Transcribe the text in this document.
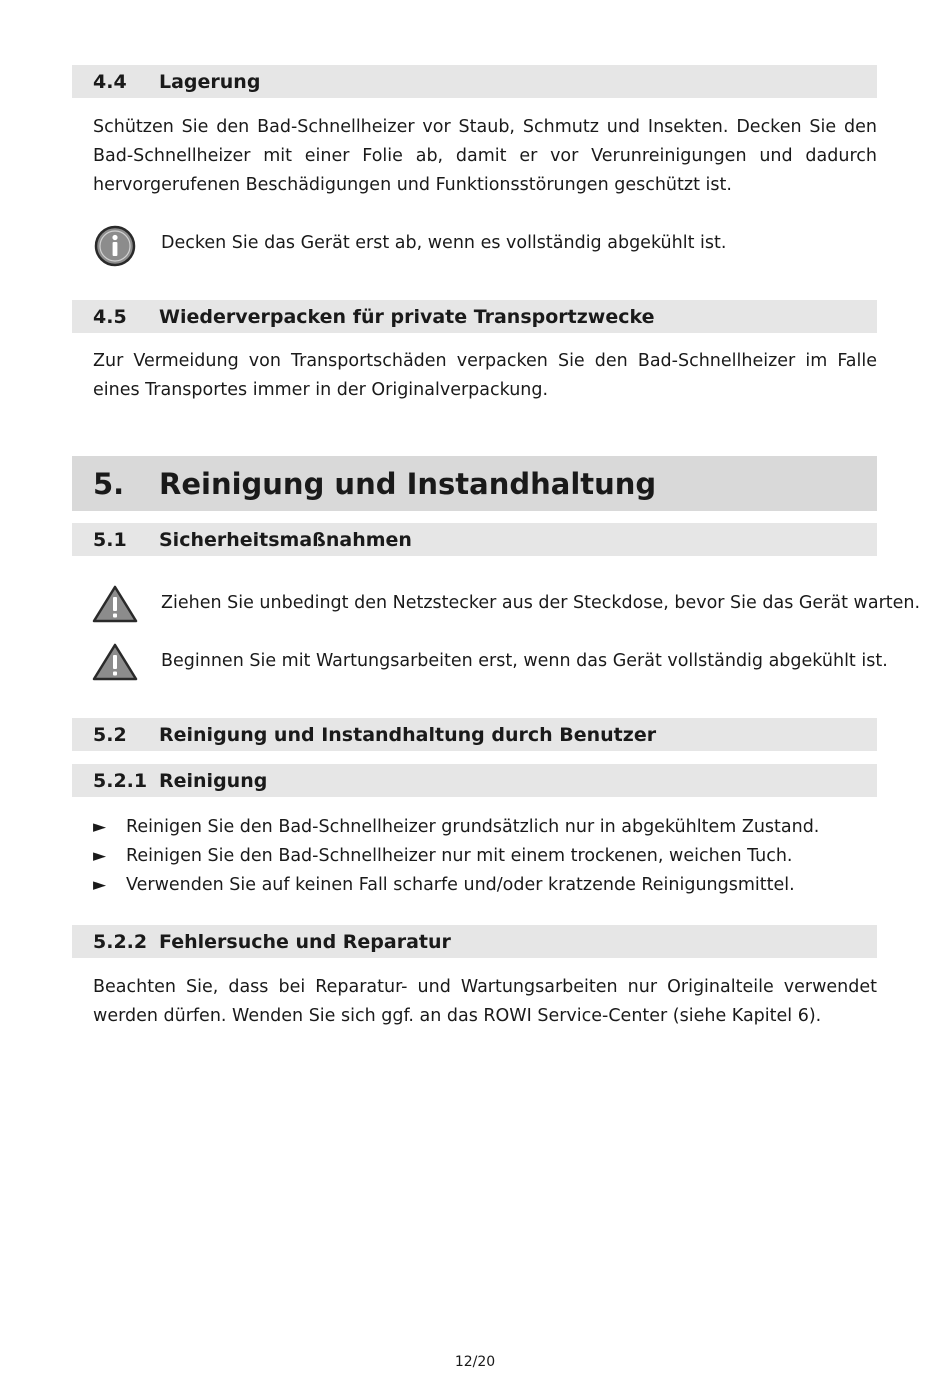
4.4 Lagerung

Schützen Sie den Bad-Schnellheizer vor Staub, Schmutz und Insekten. Decken Sie den Bad-Schnellheizer mit einer Folie ab, damit er vor Verunreinigungen und dadurch hervorgerufenen Beschädigungen und Funktionsstörungen geschützt ist.

Decken Sie das Gerät erst ab, wenn es vollständig abgekühlt ist.
4.5 Wiederverpacken für private Transportzwecke

Zur Vermeidung von Transportschäden verpacken Sie den Bad-Schnellheizer im Falle eines Transportes immer in der Originalverpackung.

5. Reinigung und Instandhaltung
5.1 Sicherheitsmaßnahmen
Ziehen Sie unbedingt den Netzstecker aus der Steckdose, bevor Sie das Gerät warten.
Beginnen Sie mit Wartungsarbeiten erst, wenn das Gerät vollständig abgekühlt ist.
5.2 Reinigung und Instandhaltung durch Benutzer
5.2.1 Reinigung
►	Reinigen Sie den Bad-Schnellheizer grundsätzlich nur in abgekühltem Zustand.
►	Reinigen Sie den Bad-Schnellheizer nur mit einem trockenen, weichen Tuch.
►	Verwenden Sie auf keinen Fall scharfe und/oder kratzende Reinigungsmittel.
5.2.2 Fehlersuche und Reparatur

Beachten Sie, dass bei Reparatur- und Wartungsarbeiten nur Originalteile verwendet werden dürfen. Wenden Sie sich ggf. an das ROWI Service-Center (siehe Kapitel 6).

12/20
